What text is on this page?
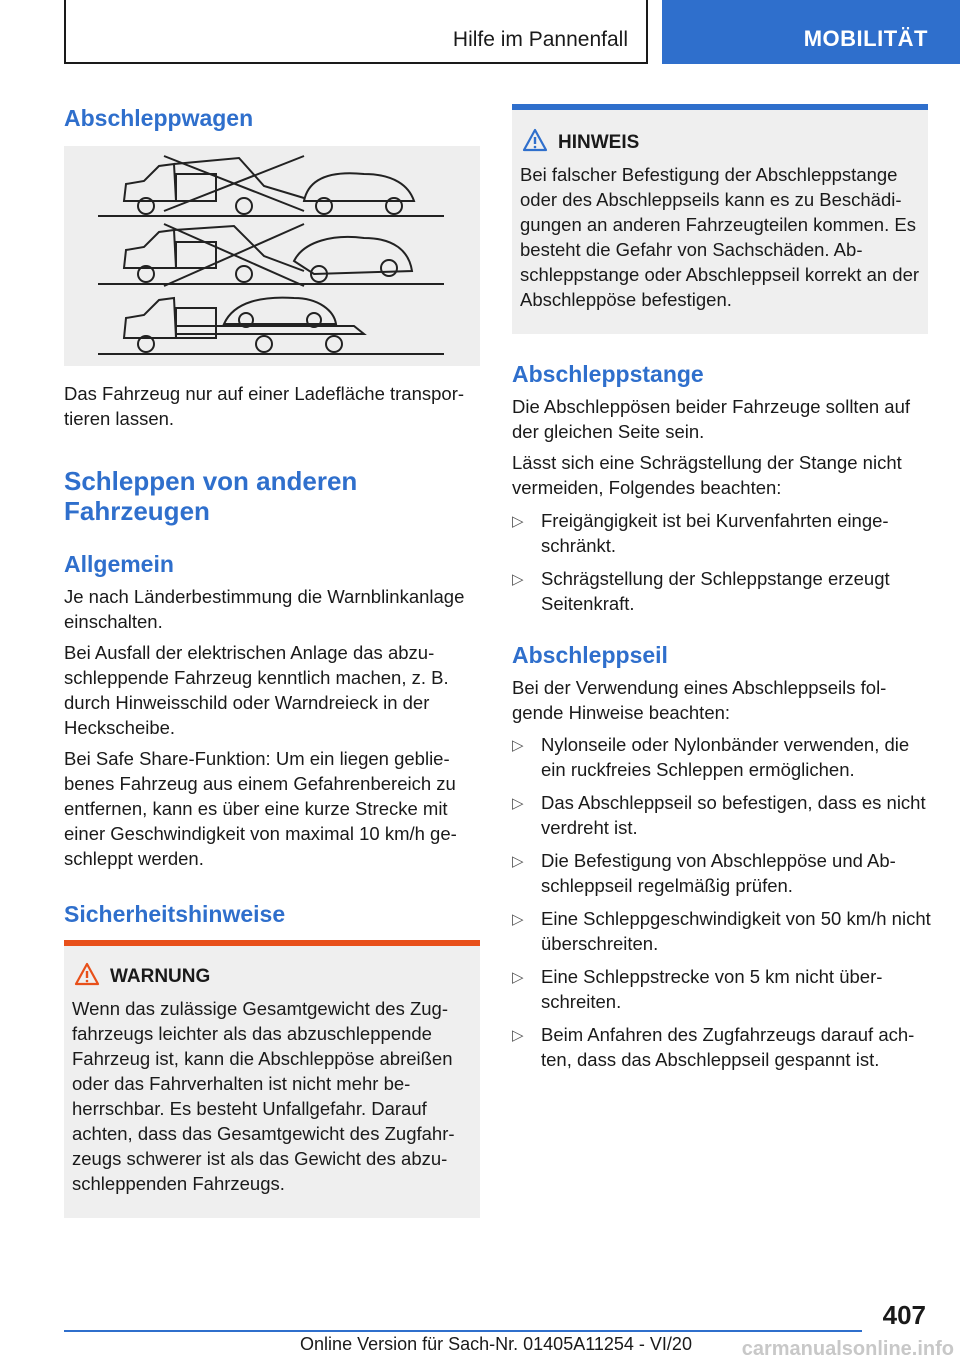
Hilfe im Pannenfall	MOBILITÄT
Abschleppwagen
Das Fahrzeug nur auf einer Ladefläche transpor-
tieren lassen.
Schleppen von anderen
Fahrzeugen
Allgemein
Je nach Länderbestimmung die Warnblinkanlage einschalten.
Bei Ausfall der elektrischen Anlage das abzu-schleppende Fahrzeug kenntlich machen, z. B. durch Hinweisschild oder Warndreieck in der Heckscheibe.
Bei Safe Share-Funktion: Um ein liegen geblie-benes Fahrzeug aus einem Gefahrenbereich zu entfernen, kann es über eine kurze Strecke mit einer Geschwindigkeit von maximal 10 km/h ge-schleppt werden.
Sicherheitshinweise
WARNUNG
Wenn das zulässige Gesamtgewicht des Zug-fahrzeugs leichter als das abzuschleppende Fahrzeug ist, kann die Abschleppöse abreißen oder das Fahrverhalten ist nicht mehr be-herrschbar. Es besteht Unfallgefahr. Darauf achten, dass das Gesamtgewicht des Zugfahr-zeugs schwerer ist als das Gewicht des abzu-schleppenden Fahrzeugs.
HINWEIS
Bei falscher Befestigung der Abschleppstange oder des Abschleppseils kann es zu Beschädi-gungen an anderen Fahrzeugteilen kommen. Es besteht die Gefahr von Sachschäden. Ab-schleppstange oder Abschleppseil korrekt an der Abschleppöse befestigen.
Abschleppstange
Die Abschleppösen beider Fahrzeuge sollten auf der gleichen Seite sein.
Lässt sich eine Schrägstellung der Stange nicht vermeiden, Folgendes beachten:
▷ Freigängigkeit ist bei Kurvenfahrten einge-schränkt.
▷ Schrägstellung der Schleppstange erzeugt Seitenkraft.
Abschleppseil
Bei der Verwendung eines Abschleppseils fol-gende Hinweise beachten:
▷ Nylonseile oder Nylonbänder verwenden, die ein ruckfreies Schleppen ermöglichen.
▷ Das Abschleppseil so befestigen, dass es nicht verdreht ist.
▷ Die Befestigung von Abschleppöse und Ab-schleppseil regelmäßig prüfen.
▷ Eine Schleppgeschwindigkeit von 50 km/h nicht überschreiten.
▷ Eine Schleppstrecke von 5 km nicht über-schreiten.
▷ Beim Anfahren des Zugfahrzeugs darauf ach-ten, dass das Abschleppseil gespannt ist.
407
Online Version für Sach-Nr. 01405A11254 - VI/20	carmanualsonline.info
